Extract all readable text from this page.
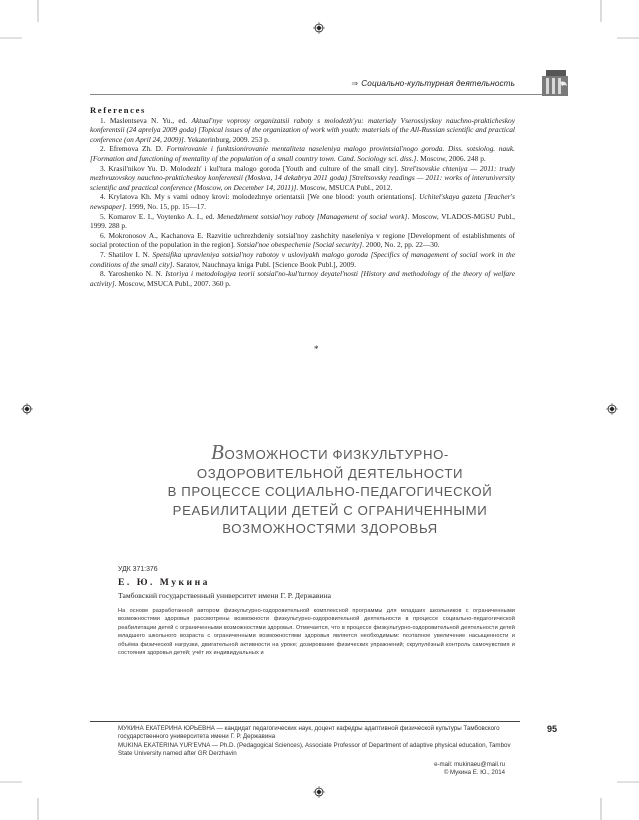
⇒ Социально-культурная деятельность
References

1. Maslentseva N. Yu., ed. Aktual'nye voprosy organizatsii raboty s molodezh'yu: materialy Vserossiyskoy nauchno-prakticheskoy konferentsii (24 aprelya 2009 goda) [Topical issues of the organization of work with youth: materials of the All-Russian scientific and practical conference (on April 24, 2009)]. Yekaterinburg, 2009. 253 p.

2. Efremova Zh. D. Formirovanie i funktsionirovanie mentaliteta naseleniya malogo provintsial'nogo goroda. Diss. sotsiolog. nauk. [Formation and functioning of mentality of the population of a small country town. Cand. Sociology sci. diss.]. Moscow, 2006. 248 p.

3. Krasil'nikov Yu. D. Molodezh' i kul'tura malogo goroda [Youth and culture of the small city]. Strel'tsovskie chteniya — 2011: trudy mezhvuzovskoy nauchno-prakticheskoy konferentsii (Moskva, 14 dekabrya 2011 goda) [Streltsovsky readings — 2011: works of interuniversity scientific and practical conference (Moscow, on December 14, 2011)]. Moscow, MSUCA Publ., 2012.

4. Krylatova Kh. My s vami odnoy krovi: molodezhnye orientatsii [We one blood: youth orientations]. Uchitel'skaya gazeta [Teacher's newspaper]. 1999, No. 15, pp. 15—17.

5. Komarov E. I., Voytenko A. I., ed. Menedzhment sotsial'noy raboty [Management of social work]. Moscow, VLADOS-MGSU Publ., 1999. 288 p.

6. Mokronosov A., Kachanova E. Razvitie uchrezhdeniy sotsial'noy zashchity naseleniya v regione [Development of establishments of social protection of the population in the region]. Sotsial'noe obespechenie [Social security]. 2000, No. 2, pp. 22—30.

7. Shatilov I. N. Spetsifika upravleniya sotsial'noy rabotoy v usloviyakh malogo goroda [Specifics of management of social work in the conditions of the small city]. Saratov, Nauchnaya kniga Publ. [Science Book Publ.], 2009.

8. Yaroshenko N. N. Istoriya i metodologiya teorii sotsial'no-kul'turnoy deyatel'nosti [History and methodology of the theory of welfare activity]. Moscow, MSUCA Publ., 2007. 360 p.

*
ВОЗМОЖНОСТИ ФИЗКУЛЬТУРНО-
ОЗДОРОВИТЕЛЬНОЙ ДЕЯТЕЛЬНОСТИ
В ПРОЦЕССЕ СОЦИАЛЬНО-ПЕДАГОГИЧЕСКОЙ
РЕАБИЛИТАЦИИ ДЕТЕЙ С ОГРАНИЧЕННЫМИ
ВОЗМОЖНОСТЯМИ ЗДОРОВЬЯ
УДК 371:376
Е. Ю. Мукина
Тамбовский государственный университет имени Г. Р. Державина
На основе разработанной автором физкультурно-оздоровительной комплексной программы для младших школьников с ограниченными возможностями здоровья рассмотрены возможности физкультурно-оздоровительной деятельности в процессе социально-педагогической реабилитации детей с ограниченными возможностями здоровья. Отмечается, что в процессе физкультурно-оздоровительной деятельности детей младшего школьного возраста с ограниченными возможностями здоровья является необходимым: поэтапное увеличение насыщенности и объёма физической нагрузки, двигательной активности на уроке; дозирование физических упражнений; скрупулёзный контроль самочувствия и состояния здоровья детей; учёт их индивидуальных и
МУКИНА ЕКАТЕРИНА ЮРЬЕВНА — кандидат педагогических наук, доцент кафедры адаптивной физической культуры Тамбовского государственного университета имени Г. Р. Державина
MUKINA EKATERINA YUR'EVNA — Ph.D. (Pedagogical Sciences), Associate Professor of Department of adaptive physical education, Tambov State University named after GR Derzhavin
e-mail: mukinaeu@mail.ru
© Мукина Е. Ю., 2014
95
